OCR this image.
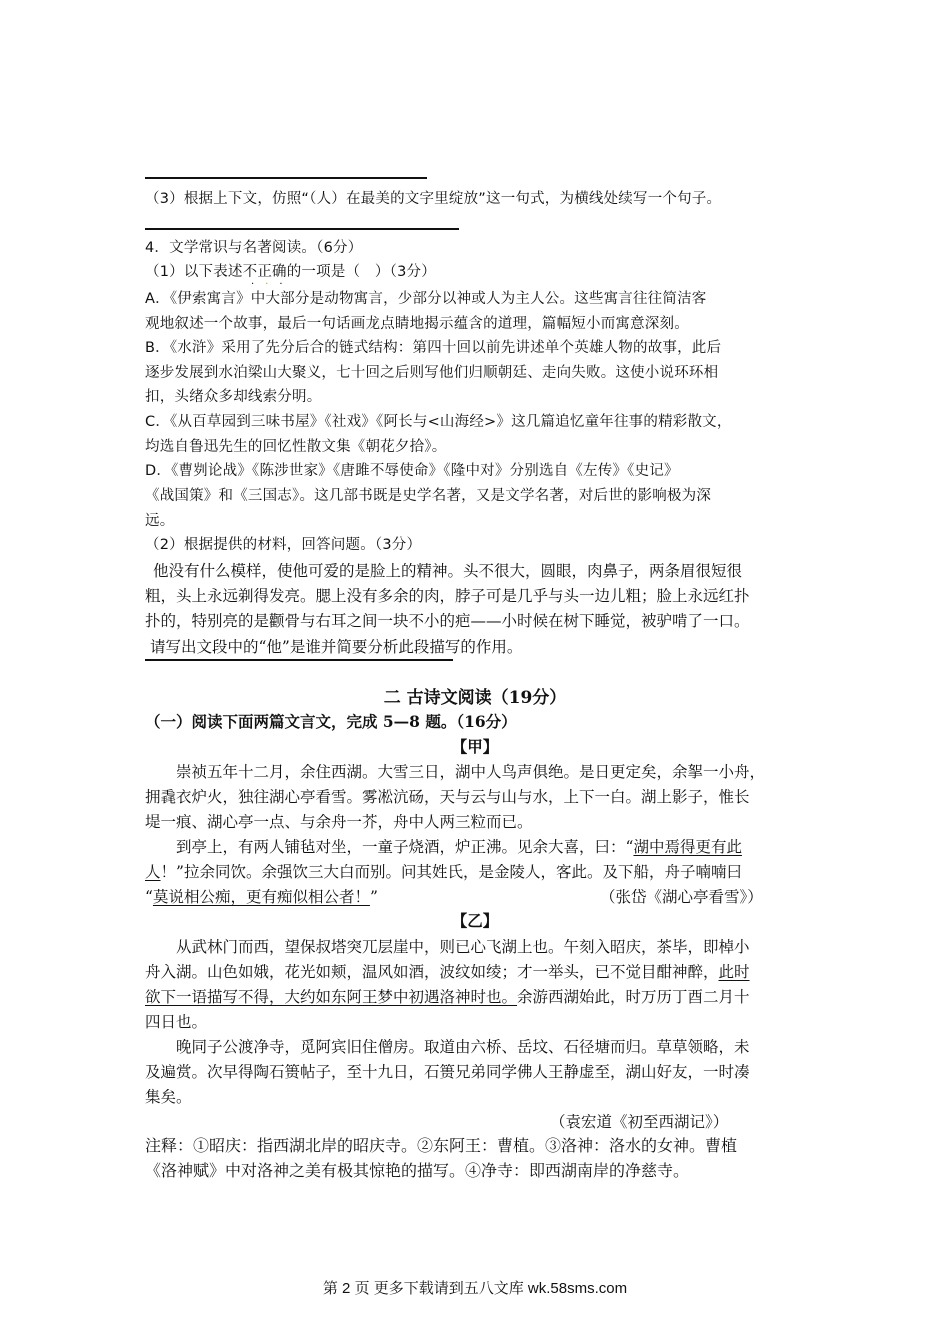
（3）根据上下文，仿照“（人）在最美的文字里绽放”这一句式，为横线处续写一个句子。
4．文学常识与名著阅读。（6分）
（1）以下表述不正确的一项是（　）（3分）
···
A．《伊索寓言》中大部分是动物寓言，少部分以神或人为主人公。这些寓言往往简洁客
观地叙述一个故事，最后一句话画龙点睛地揭示蕴含的道理，篇幅短小而寓意深刻。
B．《水浒》采用了先分后合的链式结构：第四十回以前先讲述单个英雄人物的故事，此后
逐步发展到水泊梁山大聚义，七十回之后则写他们归顺朝廷、走向失败。这使小说环环相
扣，头绪众多却线索分明。
C．《从百草园到三味书屋》《社戏》《阿长与<山海经>》这几篇追忆童年往事的精彩散文，
均选自鲁迅先生的回忆性散文集《朝花夕拾》。
D．《曹刿论战》《陈涉世家》《唐雎不辱使命》《隆中对》分别选自《左传》《史记》
《战国策》和《三国志》。这几部书既是史学名著，又是文学名著，对后世的影响极为深
远。
（2）根据提供的材料，回答问题。（3分）
他没有什么模样，使他可爱的是脸上的精神。头不很大，圆眼，肉鼻子，两条眉很短很
粗，头上永远剃得发亮。腮上没有多余的肉，脖子可是几乎与头一边儿粗；脸上永远红扑
扑的，特别亮的是颧骨与右耳之间一块不小的疤——小时候在树下睡觉，被驴啃了一口。
请写出文段中的“他”是谁并简要分析此段描写的作用。
二 古诗文阅读（19分）
（一）阅读下面两篇文言文，完成 5—8 题。（16分）
【甲】
崇祯五年十二月，余住西湖。大雪三日，湖中人鸟声俱绝。是日更定矣，余挐一小舟，
拥毳衣炉火，独往湖心亭看雪。雾凇沆砀，天与云与山与水，上下一白。湖上影子，惟长
堤一痕、湖心亭一点、与余舟一芥，舟中人两三粒而已。
到亭上，有两人铺毡对坐，一童子烧酒，炉正沸。见余大喜，曰：“湖中焉得更有此
人！”拉余同饮。余强饮三大白而别。问其姓氏，是金陵人，客此。及下船，舟子喃喃曰
“莫说相公痴，更有痴似相公者！”	（张岱《湖心亭看雪》）
【乙】
从武林门而西，望保叔塔突兀层崖中，则已心飞湖上也。午刻入昭庆，茶毕，即棹小
舟入湖。山色如娥，花光如颊，温风如酒，波纹如绫；才一举头，已不觉目酣神醉，此时
欲下一语描写不得，大约如东阿王梦中初遇洛神时也。余游西湖始此，时万历丁酉二月十
四日也。
晚同子公渡净寺，觅阿宾旧住僧房。取道由六桥、岳坟、石径塘而归。草草领略，未
及遍赏。次早得陶石篑帖子，至十九日，石篑兄弟同学佛人王静虚至，湖山好友，一时凑
集矣。
（袁宏道《初至西湖记》）
注释：①昭庆：指西湖北岸的昭庆寺。②东阿王：曹植。③洛神：洛水的女神。曹植
《洛神赋》中对洛神之美有极其惊艳的描写。④净寺：即西湖南岸的净慈寺。
第 2 页 更多下载请到五八文库 wk.58sms.com
